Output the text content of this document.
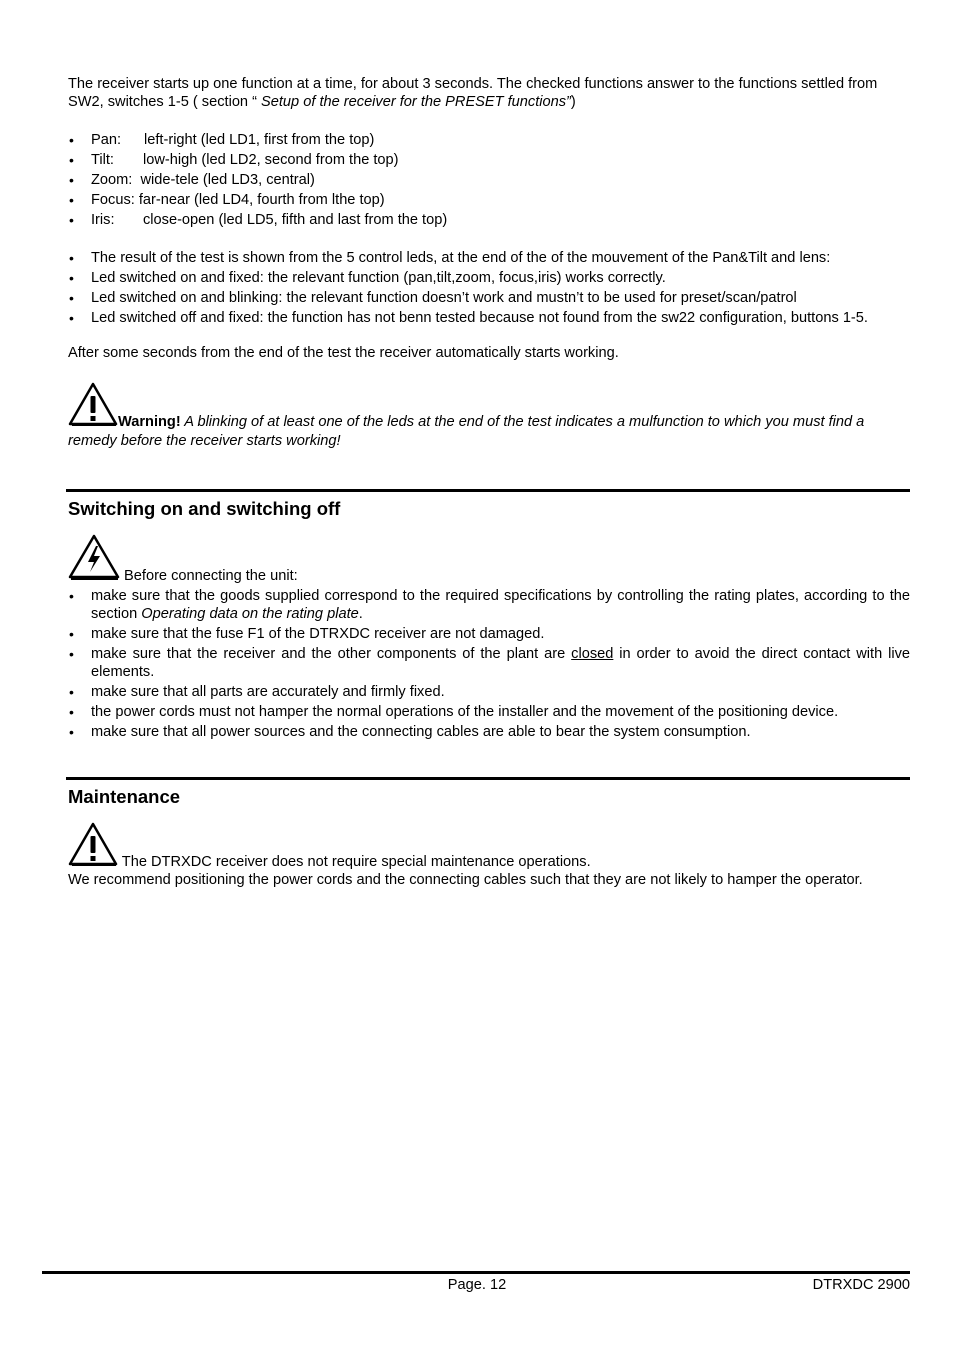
The receiver starts up one function at a time, for about 3 seconds. The checked functions answer to the functions settled from SW2, switches 1-5 ( section “ Setup of the receiver for the PRESET functions”)

• Pan: left-right (led LD1, first from the top)
• Tilt: low-high (led LD2, second from the top)
• Zoom: wide-tele (led LD3, central)
• Focus: far-near (led LD4, fourth from lthe top)
• Iris: close-open (led LD5, fifth and last from the top)
• The result of the test is shown from the 5 control leds, at the end of the of the mouvement of the Pan&Tilt and lens:
• Led switched on and fixed: the relevant function (pan,tilt,zoom, focus,iris) works correctly.
• Led switched on and blinking: the relevant function doesn’t work and mustn’t to be used for preset/scan/patrol
• Led switched off and fixed: the function has not benn tested because not found from the sw22 configuration, buttons 1-5.

After some seconds from the end of the test the receiver automatically starts working.

Warning! A blinking of at least one of the leds at the end of the test indicates a mulfunction to which you must find a remedy before the receiver starts working!

Switching on and switching off

Before connecting the unit:

• make sure that the goods supplied correspond to the required specifications by controlling the rating plates, according to the section Operating data on the rating plate.
• make sure that the fuse F1 of the DTRXDC receiver are not damaged.
• make sure that the receiver and the other components of the plant are closed in order to avoid the direct contact with live elements.
• make sure that all parts are accurately and firmly fixed.
• the power cords must not hamper the normal operations of the installer and the movement of the positioning device.
• make sure that all power sources and the connecting cables are able to bear the system consumption.
Maintenance

The DTRXDC receiver does not require special maintenance operations.
We recommend positioning the power cords and the connecting cables such that they are not likely to hamper the operator.

Page. 12	DTRXDC 2900
